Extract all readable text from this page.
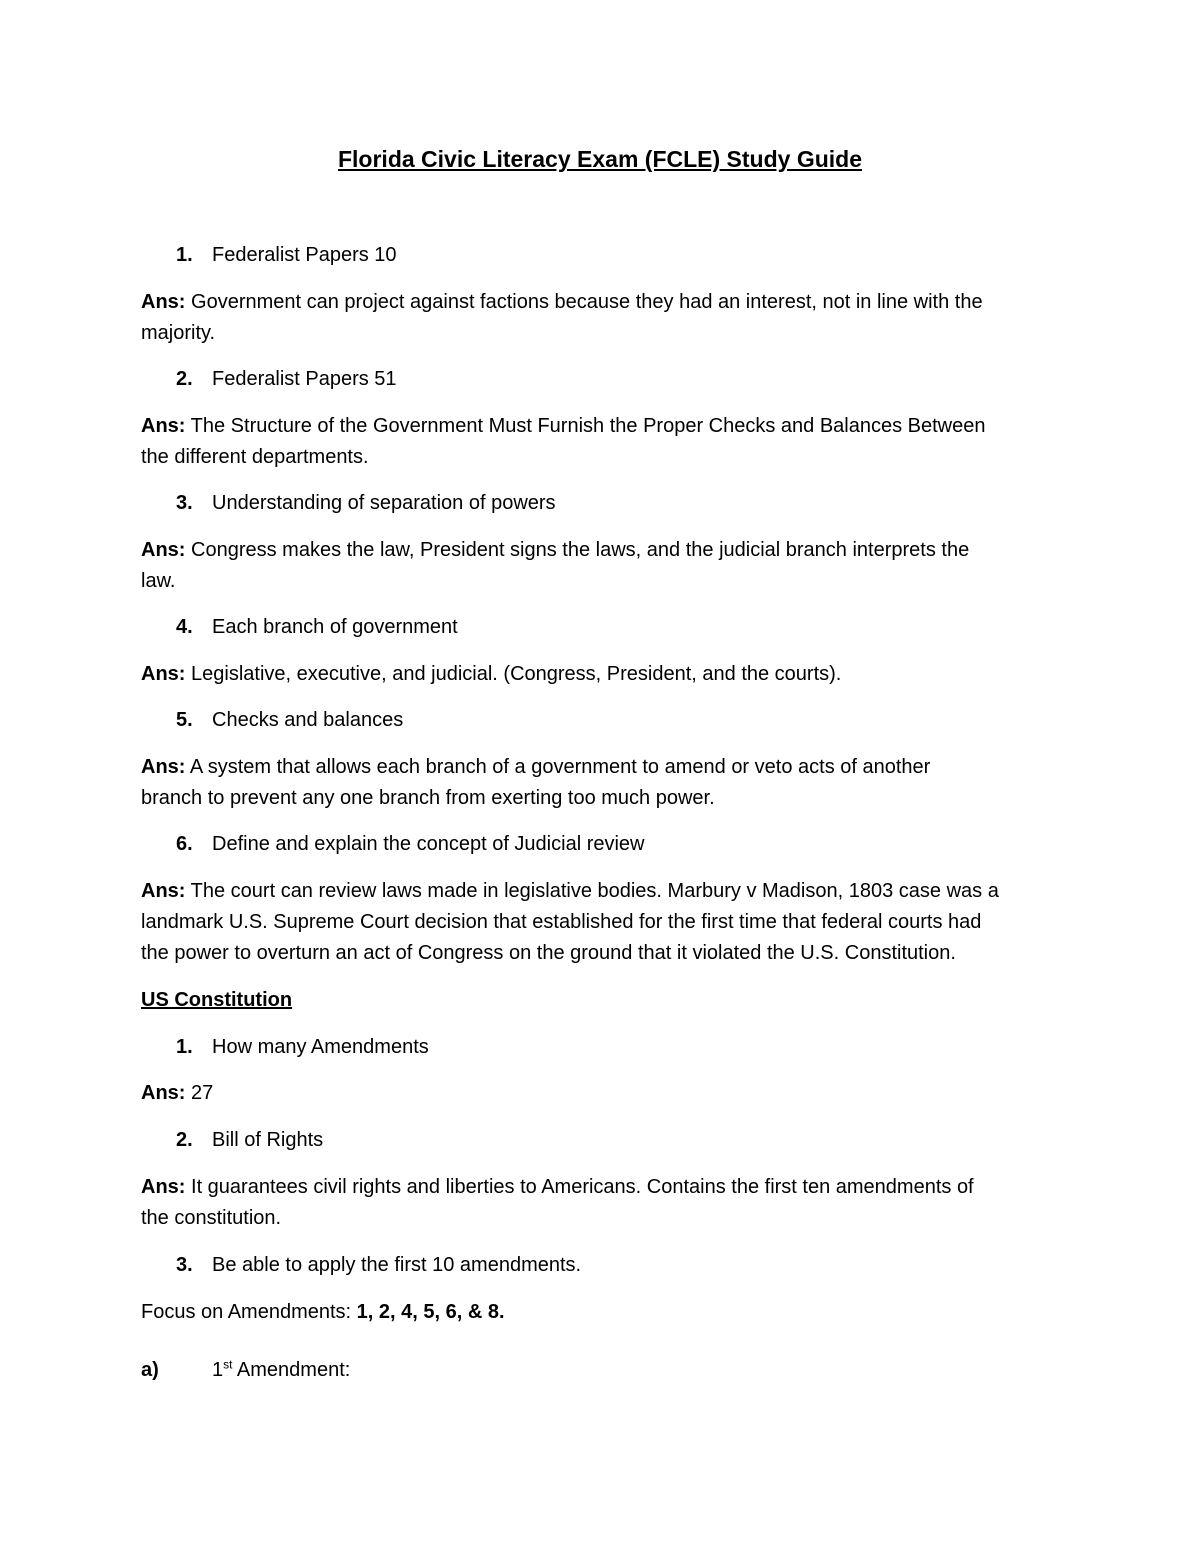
Florida Civic Literacy Exam (FCLE) Study Guide
1. Federalist Papers 10
Ans: Government can project against factions because they had an interest, not in line with the
majority.
2. Federalist Papers 51
Ans: The Structure of the Government Must Furnish the Proper Checks and Balances Between
the different departments.
3. Understanding of separation of powers
Ans: Congress makes the law, President signs the laws, and the judicial branch interprets the
law.
4. Each branch of government
Ans: Legislative, executive, and judicial. (Congress, President, and the courts).
5. Checks and balances
Ans: A system that allows each branch of a government to amend or veto acts of another
branch to prevent any one branch from exerting too much power.
6. Define and explain the concept of Judicial review
Ans: The court can review laws made in legislative bodies. Marbury v Madison, 1803 case was a
landmark U.S. Supreme Court decision that established for the first time that federal courts had
the power to overturn an act of Congress on the ground that it violated the U.S. Constitution.
US Constitution
1. How many Amendments
Ans: 27
2. Bill of Rights
Ans: It guarantees civil rights and liberties to Americans. Contains the first ten amendments of
the constitution.
3. Be able to apply the first 10 amendments.
Focus on Amendments: 1, 2, 4, 5, 6, & 8.
a)	1st Amendment:
